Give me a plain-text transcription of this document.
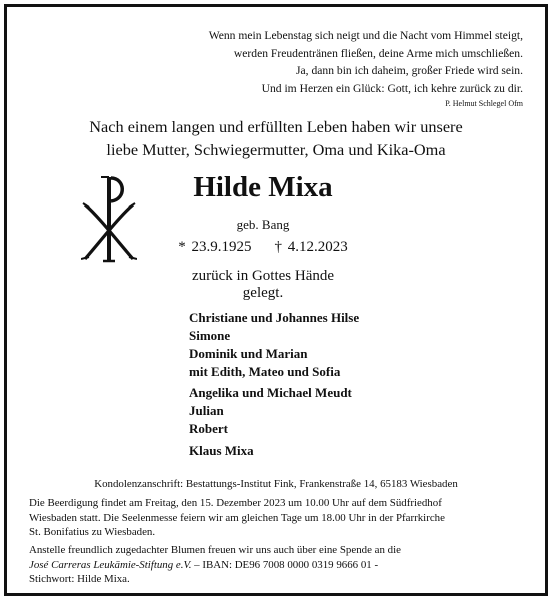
Wenn mein Lebenstag sich neigt und die Nacht vom Himmel steigt,
werden Freudentränen fließen, deine Arme mich umschließen.
Ja, dann bin ich daheim, großer Friede wird sein.
Und im Herzen ein Glück: Gott, ich kehre zurück zu dir.
P. Helmut Schlegel Ofm
Nach einem langen und erfüllten Leben haben wir unsere
liebe Mutter, Schwiegermutter, Oma und Kika-Oma
Hilde Mixa
geb. Bang
* 23.9.1925 † 4.12.2023
zurück in Gottes Hände gelegt.
Christiane und Johannes Hilse
Simone
Dominik und Marian
mit Edith, Mateo und Sofia
Angelika und Michael Meudt
Julian
Robert
Klaus Mixa
Kondolenzanschrift: Bestattungs-Institut Fink, Frankenstraße 14, 65183 Wiesbaden
Die Beerdigung findet am Freitag, den 15. Dezember 2023 um 10.00 Uhr auf dem Südfriedhof
Wiesbaden statt. Die Seelenmesse feiern wir am gleichen Tage um 18.00 Uhr in der Pfarrkirche
St. Bonifatius zu Wiesbaden.
Anstelle freundlich zugedachter Blumen freuen wir uns auch über eine Spende an die
José Carreras Leukämie-Stiftung e.V. – IBAN: DE96 7008 0000 0319 9666 01 -
Stichwort: Hilde Mixa.
